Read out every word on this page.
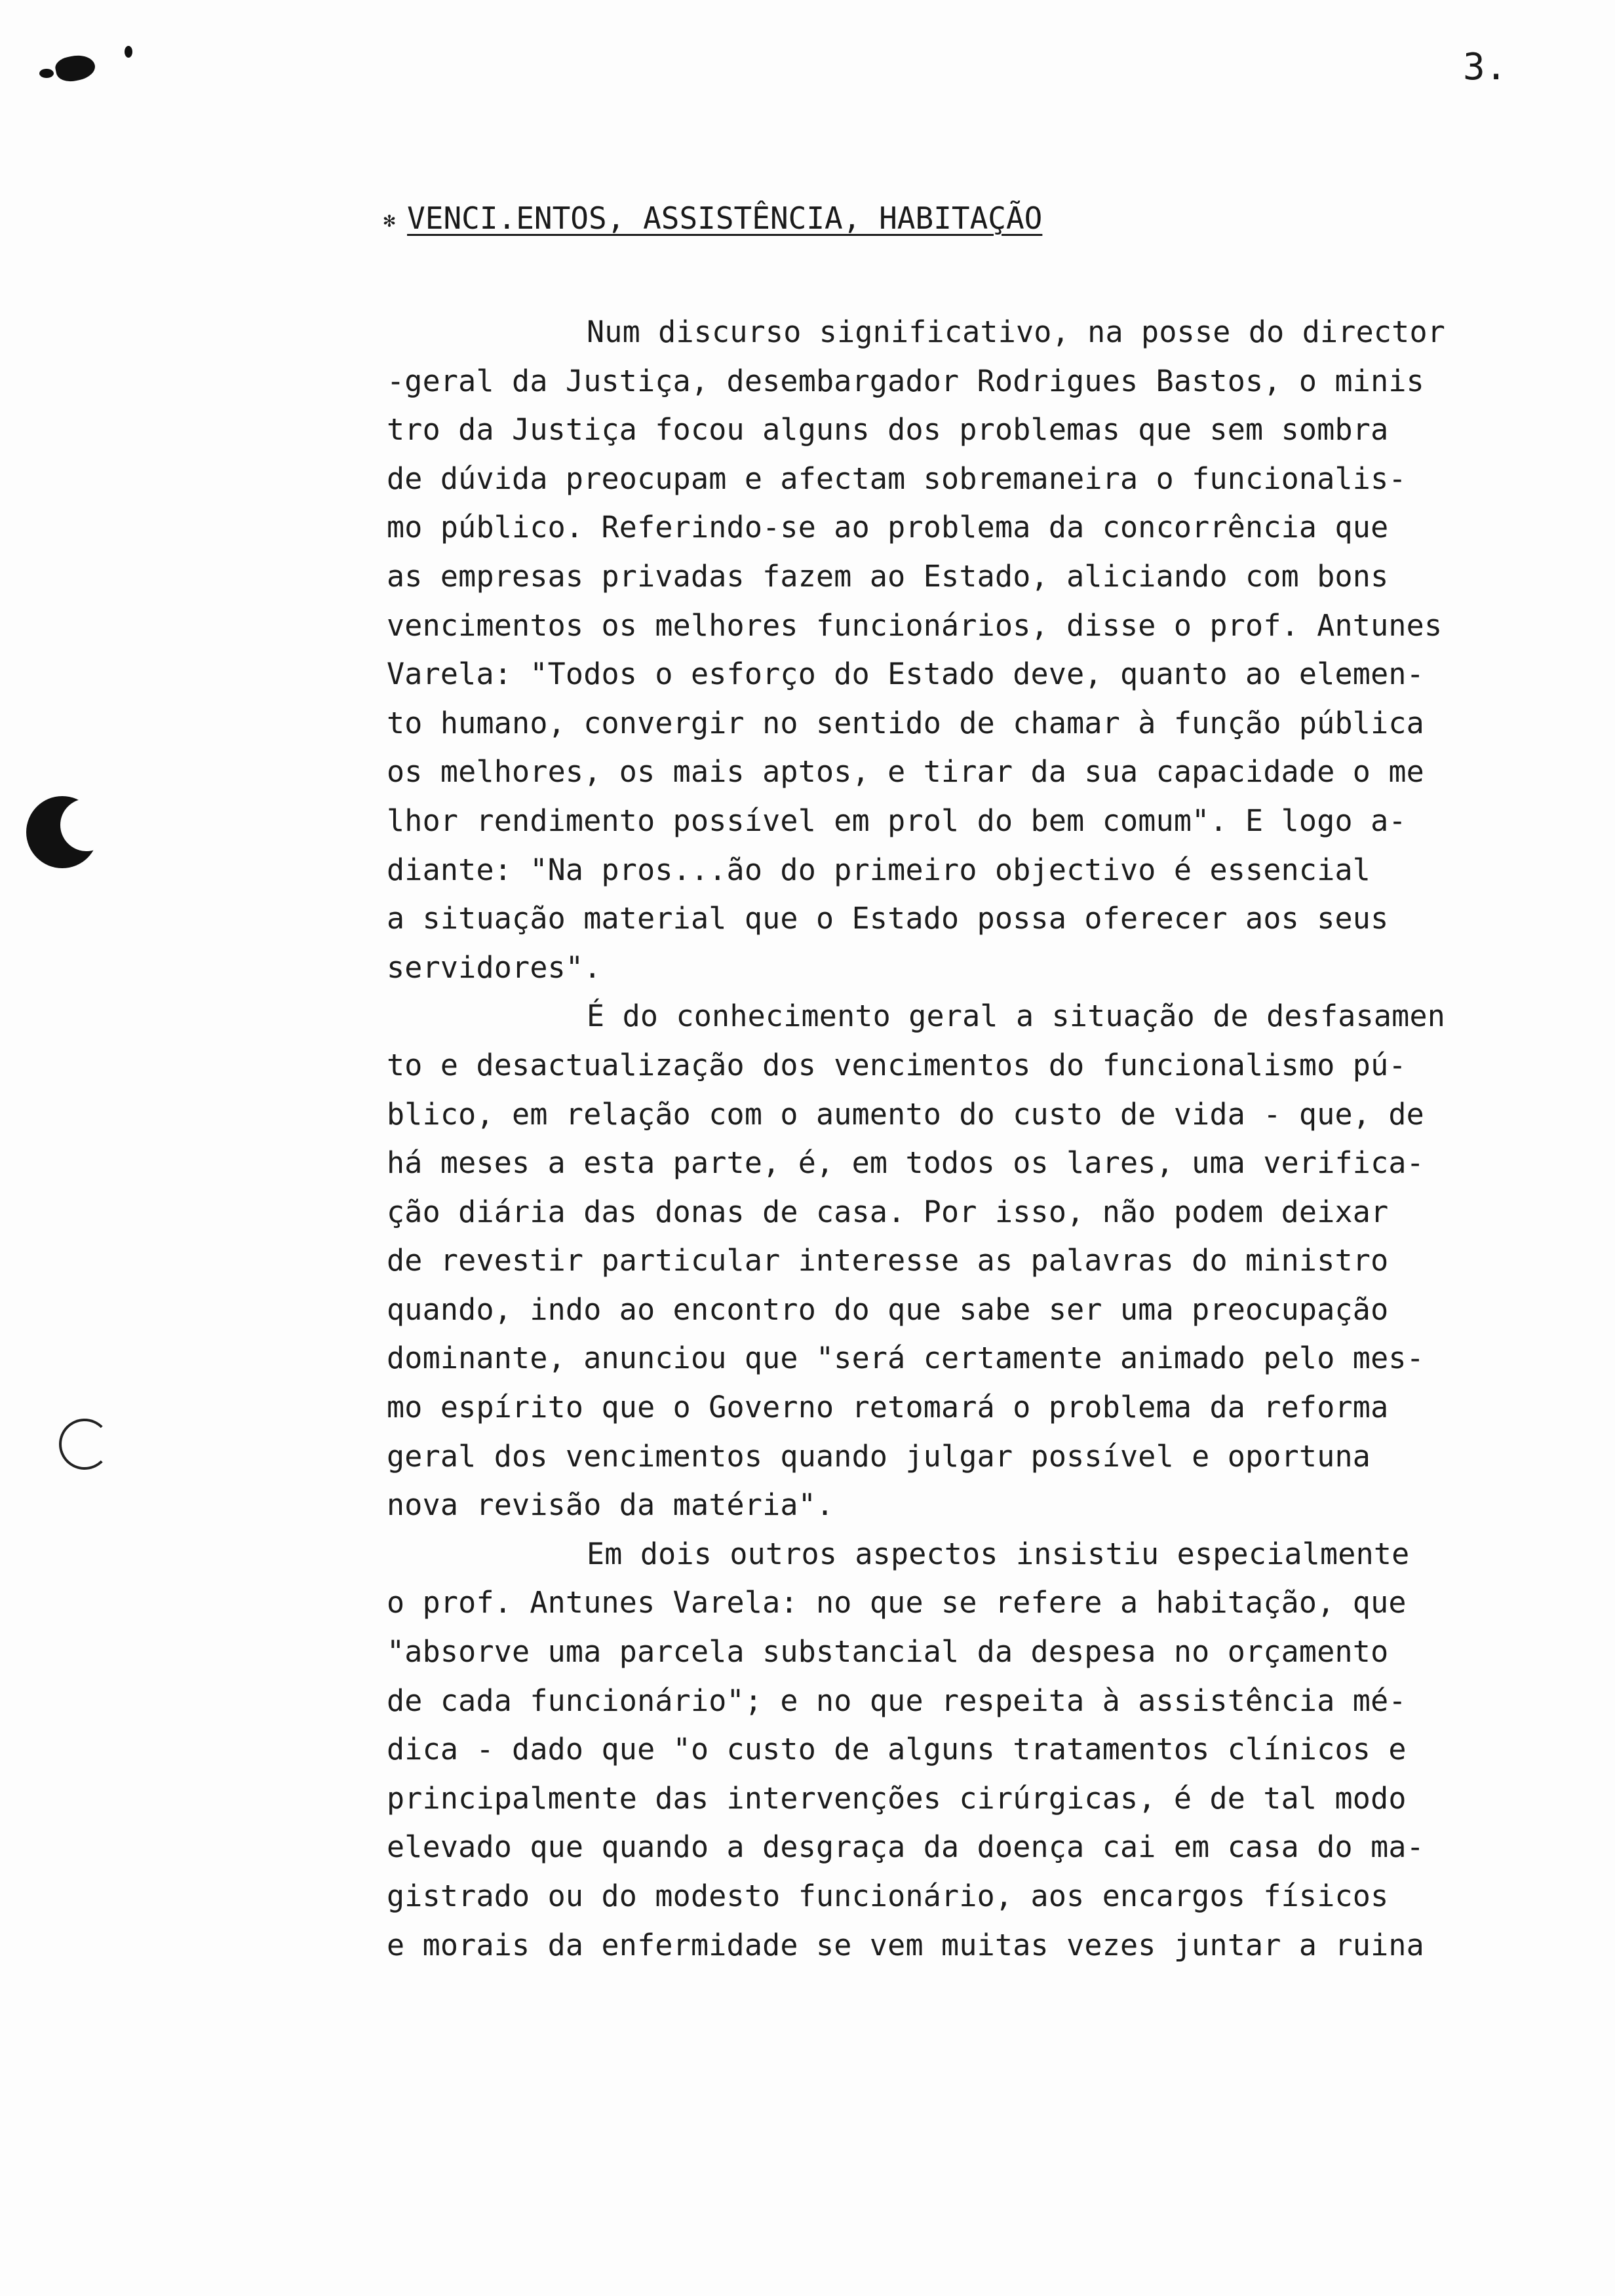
3.
✻ VENCI.ENTOS, ASSISTÊNCIA, HABITAÇÃO
Num discurso significativo, na posse do director
-geral da Justiça, desembargador Rodrigues Bastos, o minis
tro da Justiça focou alguns dos problemas que sem sombra
de dúvida preocupam e afectam sobremaneira o funcionalis-
mo público. Referindo-se ao problema da concorrência que
as empresas privadas fazem ao Estado, aliciando com bons
vencimentos os melhores funcionários, disse o prof. Antunes
Varela: "Todos o esforço do Estado deve, quanto ao elemen-
to humano, convergir no sentido de chamar à função pública
os melhores, os mais aptos, e tirar da sua capacidade o me
lhor rendimento possível em prol do bem comum". E logo a-
diante: "Na pros...ão do primeiro objectivo é essencial
a situação material que o Estado possa oferecer aos seus
servidores".
É do conhecimento geral a situação de desfasamen
to e desactualização dos vencimentos do funcionalismo pú-
blico, em relação com o aumento do custo de vida - que, de
há meses a esta parte, é, em todos os lares, uma verifica-
ção diária das donas de casa. Por isso, não podem deixar
de revestir particular interesse as palavras do ministro
quando, indo ao encontro do que sabe ser uma preocupação
dominante, anunciou que "será certamente animado pelo mes-
mo espírito que o Governo retomará o problema da reforma
geral dos vencimentos quando julgar possível e oportuna
nova revisão da matéria".
Em dois outros aspectos insistiu especialmente
o prof. Antunes Varela: no que se refere a habitação, que
"absorve uma parcela substancial da despesa no orçamento
de cada funcionário"; e no que respeita à assistência mé-
dica - dado que "o custo de alguns tratamentos clínicos e
principalmente das intervenções cirúrgicas, é de tal modo
elevado que quando a desgraça da doença cai em casa do ma-
gistrado ou do modesto funcionário, aos encargos físicos
e morais da enfermidade se vem muitas vezes juntar a ruina
